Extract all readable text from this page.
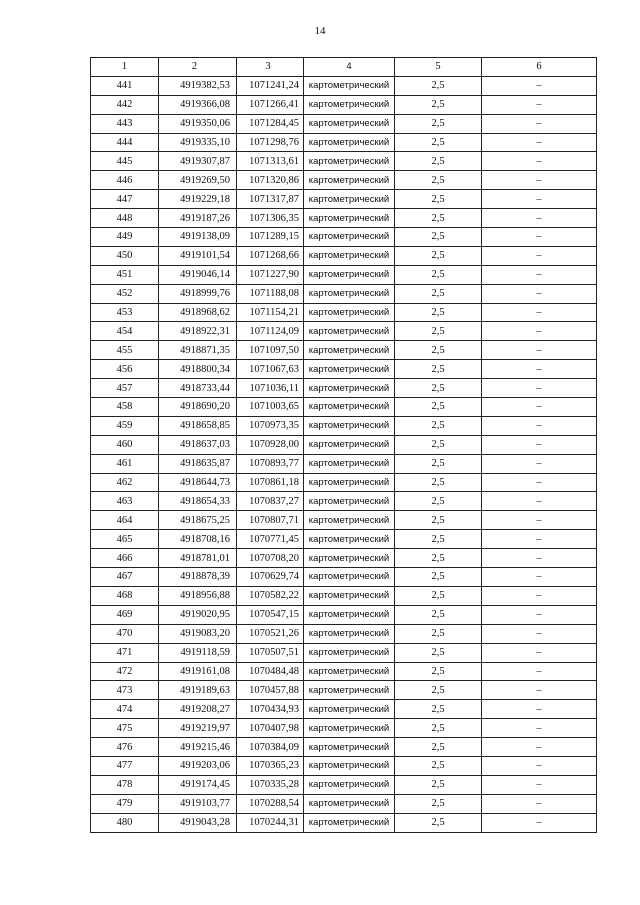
14
1	2	3	4	5	6
441	4919382,53	1071241,24	картометрический	2,5	–
442	4919366,08	1071266,41	картометрический	2,5	–
443	4919350,06	1071284,45	картометрический	2,5	–
444	4919335,10	1071298,76	картометрический	2,5	–
445	4919307,87	1071313,61	картометрический	2,5	–
446	4919269,50	1071320,86	картометрический	2,5	–
447	4919229,18	1071317,87	картометрический	2,5	–
448	4919187,26	1071306,35	картометрический	2,5	–
449	4919138,09	1071289,15	картометрический	2,5	–
450	4919101,54	1071268,66	картометрический	2,5	–
451	4919046,14	1071227,90	картометрический	2,5	–
452	4918999,76	1071188,08	картометрический	2,5	–
453	4918968,62	1071154,21	картометрический	2,5	–
454	4918922,31	1071124,09	картометрический	2,5	–
455	4918871,35	1071097,50	картометрический	2,5	–
456	4918800,34	1071067,63	картометрический	2,5	–
457	4918733,44	1071036,11	картометрический	2,5	–
458	4918690,20	1071003,65	картометрический	2,5	–
459	4918658,85	1070973,35	картометрический	2,5	–
460	4918637,03	1070928,00	картометрический	2,5	–
461	4918635,87	1070893,77	картометрический	2,5	–
462	4918644,73	1070861,18	картометрический	2,5	–
463	4918654,33	1070837,27	картометрический	2,5	–
464	4918675,25	1070807,71	картометрический	2,5	–
465	4918708,16	1070771,45	картометрический	2,5	–
466	4918781,01	1070708,20	картометрический	2,5	–
467	4918878,39	1070629,74	картометрический	2,5	–
468	4918956,88	1070582,22	картометрический	2,5	–
469	4919020,95	1070547,15	картометрический	2,5	–
470	4919083,20	1070521,26	картометрический	2,5	–
471	4919118,59	1070507,51	картометрический	2,5	–
472	4919161,08	1070484,48	картометрический	2,5	–
473	4919189,63	1070457,88	картометрический	2,5	–
474	4919208,27	1070434,93	картометрический	2,5	–
475	4919219,97	1070407,98	картометрический	2,5	–
476	4919215,46	1070384,09	картометрический	2,5	–
477	4919203,06	1070365,23	картометрический	2,5	–
478	4919174,45	1070335,28	картометрический	2,5	–
479	4919103,77	1070288,54	картометрический	2,5	–
480	4919043,28	1070244,31	картометрический	2,5	–
